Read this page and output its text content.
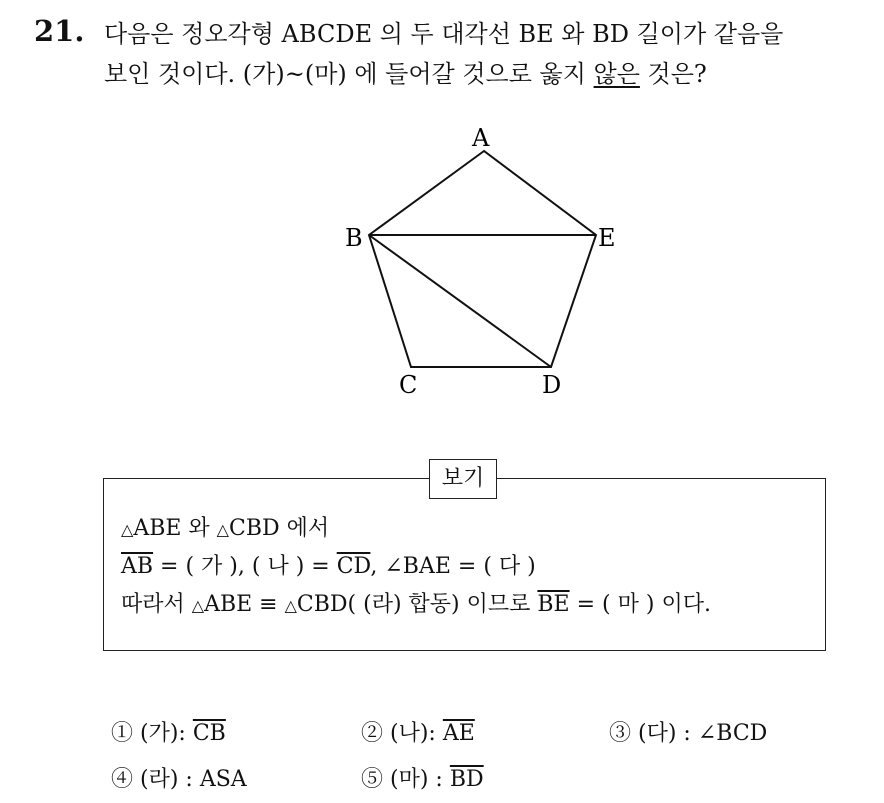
21. 다음은 정오각형 ABCDE 의 두 대각선 BE 와 BD 길이가 같음을
보인 것이다. (가)~(마) 에 들어갈 것으로 옳지 않은 것은?
A
B	E
C	D
보기
△ ABE 와 △ CBD 에서
$\overline{AB}$ = ( 가 ), ( 나 ) = $\overline{CD}$, ∠BAE = ( 다 )
따라서 △ ABE ≡ △ CBD( (라) 합동) 이므로 $\overline{BE}$ = ( 마 ) 이다.
① (가): $\overline{CB}$	② (나): $\overline{AE}$	③ (다) : ∠BCD
④ (라) : ASA	⑤ (마) : $\overline{BD}$
